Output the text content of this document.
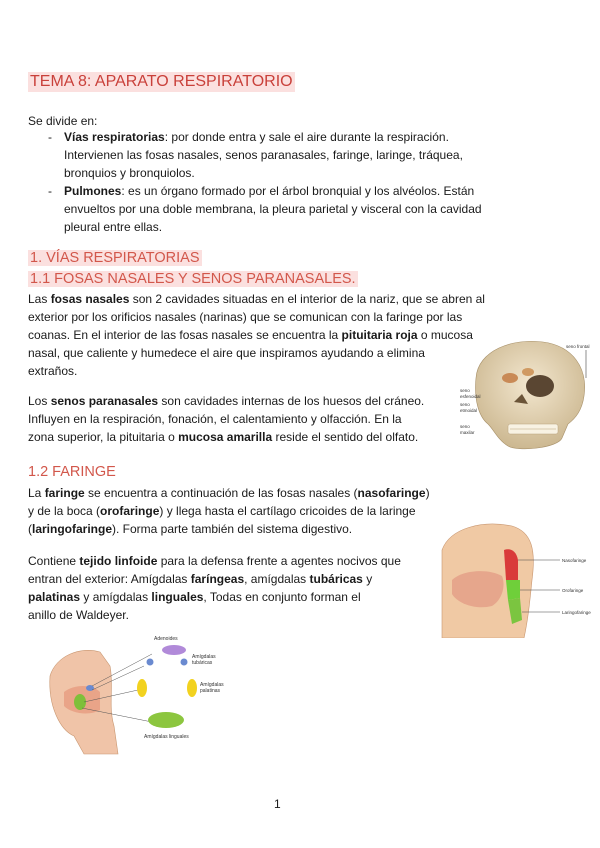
TEMA 8: APARATO RESPIRATORIO
Se divide en:
- Vías respiratorias: por donde entra y sale el aire durante la respiración.
Intervienen las fosas nasales, senos paranasales, faringe, laringe, tráquea,
bronquios y bronquiolos.
- Pulmones: es un órgano formado por el árbol bronquial y los alvéolos. Están
envueltos por una doble membrana, la pleura parietal y visceral con la cavidad
pleural entre ellas.
1. VÍAS RESPIRATORIAS
1.1 FOSAS NASALES Y SENOS PARANASALES.
Las fosas nasales son 2 cavidades situadas en el interior de la nariz, que se abren al
exterior por los orificios nasales (narinas) que se comunican con la faringe por las
coanas. En el interior de las fosas nasales se encuentra la pituitaria roja o mucosa
nasal, que caliente y humedece el aire que inspiramos ayudando a elimina
extraños.
Los senos paranasales son cavidades internas de los huesos del cráneo.
Influyen en la respiración, fonación, el calentamiento y olfacción. En la
zona superior, la pituitaria o mucosa amarilla reside el sentido del olfato.
1.2 FARINGE
La faringe se encuentra a continuación de las fosas nasales (nasofaringe)
y de la boca (orofaringe) y llega hasta el cartílago cricoides de la laringe
(laringofaringe). Forma parte también del sistema digestivo.
Contiene tejido linfoide para la defensa frente a agentes nocivos que
entran del exterior: Amígdalas faríngeas, amígdalas tubáricas y
palatinas y amígdalas linguales, Todas en conjunto forman el
anillo de Waldeyer.
seno frontal
seno
esfenoidal
seno
etmoidal
seno
maxilar
Nasofaringe
Orofaringe
Laringofaringe
Adenoides
Amígdalas
tubáricas
Amígdalas
palatinas
Amígdalas linguales
1
